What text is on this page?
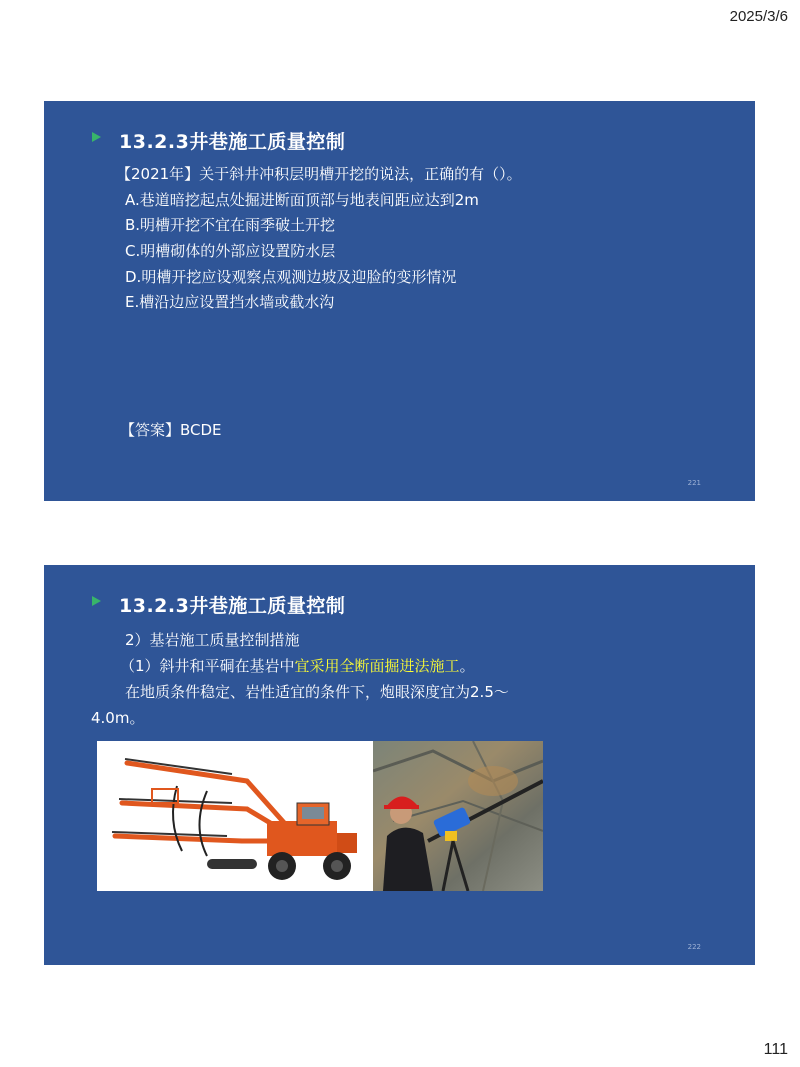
2025/3/6
13.2.3井巷施工质量控制
【2021年】关于斜井冲积层明槽开挖的说法，正确的有（）。
A.巷道暗挖起点处掘进断面顶部与地表间距应达到2m
B.明槽开挖不宜在雨季破土开挖
C.明槽砌体的外部应设置防水层
D.明槽开挖应设观察点观测边坡及迎脸的变形情况
E.槽沿边应设置挡水墙或截水沟
【答案】BCDE
221
13.2.3井巷施工质量控制
2）基岩施工质量控制措施
（1）斜井和平硐在基岩中宜采用全断面掘进法施工。
在地质条件稳定、岩性适宜的条件下，炮眼深度宜为2.5～
4.0m。
222
111
